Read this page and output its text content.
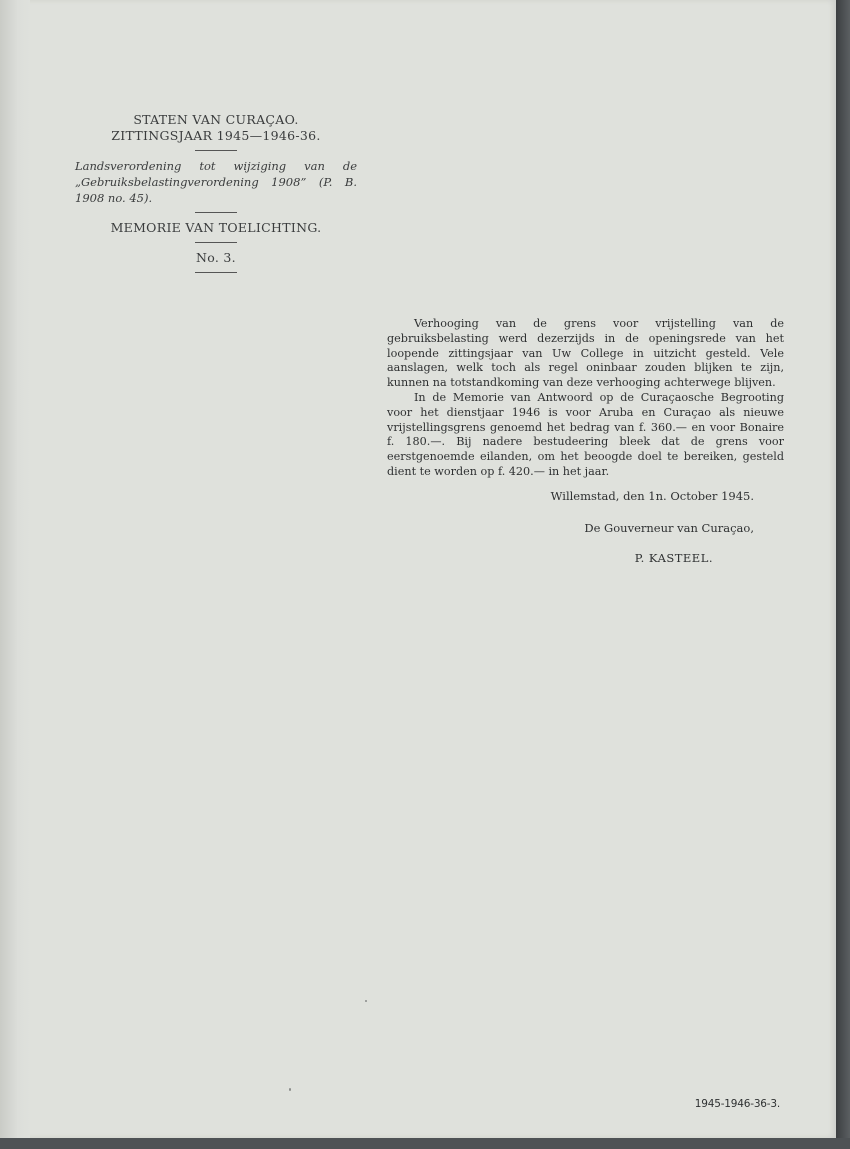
STATEN VAN CURAÇAO.
ZITTINGSJAAR 1945—1946-36.
Landsverordening tot wijziging van de „Gebruiksbelastingverordening 1908” (P. B. 1908 no. 45).
MEMORIE VAN TOELICHTING.
No. 3.

Verhooging van de grens voor vrijstelling van de gebruiksbelasting werd dezerzijds in de openingsrede van het loopende zittingsjaar van Uw College in uitzicht gesteld. Vele aanslagen, welk toch als regel oninbaar zouden blijken te zijn, kunnen na totstandkoming van deze verhooging achterwege blijven.

In de Memorie van Antwoord op de Curaçaosche Begrooting voor het dienstjaar 1946 is voor Aruba en Curaçao als nieuwe vrijstellingsgrens genoemd het bedrag van f. 360.— en voor Bonaire f. 180.—. Bij nadere bestudeering bleek dat de grens voor eerstgenoemde eilanden, om het beoogde doel te bereiken, gesteld dient te worden op f. 420.— in het jaar.

Willemstad, den 1n. October 1945.
De Gouverneur van Curaçao,
P. KASTEEL.
1945-1946-36-3.
